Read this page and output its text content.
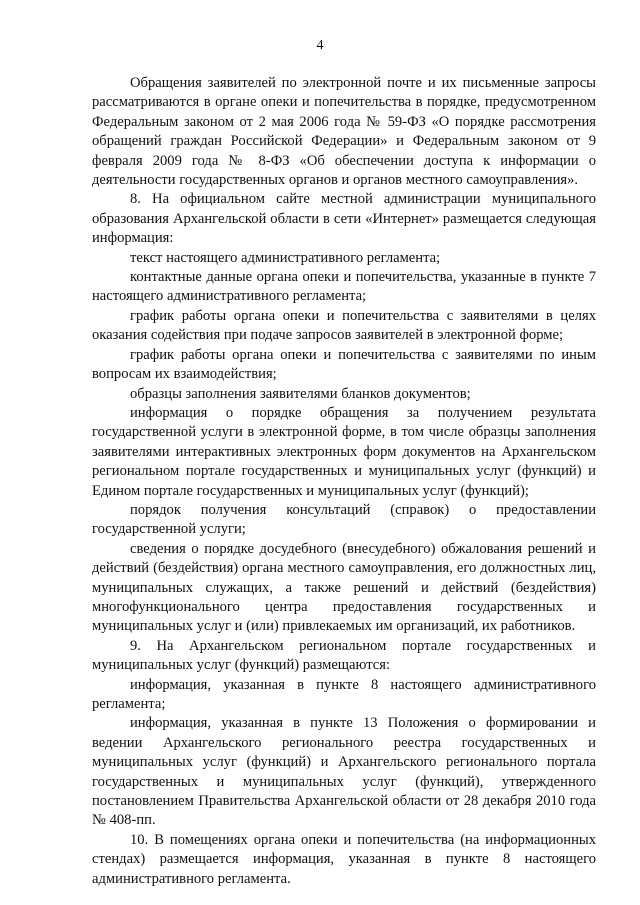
4

Обращения заявителей по электронной почте и их письменные запросы рассматриваются в органе опеки и попечительства в порядке, предусмотренном Федеральным законом от 2 мая 2006 года № 59-ФЗ «О порядке рассмотрения обращений граждан Российской Федерации» и Федеральным законом от 9 февраля 2009 года № 8-ФЗ «Об обеспечении доступа к информации о деятельности государственных органов и органов местного самоуправления».

8. На официальном сайте местной администрации муниципального образования Архангельской области в сети «Интернет» размещается следующая информация:

текст настоящего административного регламента;

контактные данные органа опеки и попечительства, указанные в пункте 7 настоящего административного регламента;

график работы органа опеки и попечительства с заявителями в целях оказания содействия при подаче запросов заявителей в электронной форме;

график работы органа опеки и попечительства с заявителями по иным вопросам их взаимодействия;

образцы заполнения заявителями бланков документов;

информация о порядке обращения за получением результата государственной услуги в электронной форме, в том числе образцы заполнения заявителями интерактивных электронных форм документов на Архангельском региональном портале государственных и муниципальных услуг (функций) и Едином портале государственных и муниципальных услуг (функций);

порядок получения консультаций (справок) о предоставлении государственной услуги;

сведения о порядке досудебного (внесудебного) обжалования решений и действий (бездействия) органа местного самоуправления, его должностных лиц, муниципальных служащих, а также решений и действий (бездействия) многофункционального центра предоставления государственных и муниципальных услуг и (или) привлекаемых им организаций, их работников.

9. На Архангельском региональном портале государственных и муниципальных услуг (функций) размещаются:

информация, указанная в пункте 8 настоящего административного регламента;

информация, указанная в пункте 13 Положения о формировании и ведении Архангельского регионального реестра государственных и муниципальных услуг (функций) и Архангельского регионального портала государственных и муниципальных услуг (функций), утвержденного постановлением Правительства Архангельской области от 28 декабря 2010 года № 408-пп.

10. В помещениях органа опеки и попечительства (на информационных стендах) размещается информация, указанная в пункте 8 настоящего административного регламента.
